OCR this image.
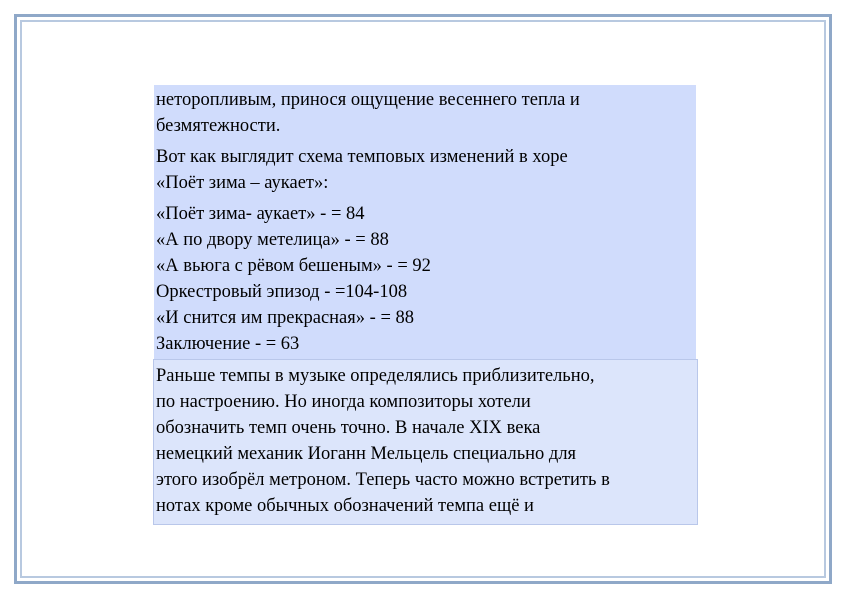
неторопливым, принося ощущение весеннего тепла и
безмятежности.

Вот как выглядит схема темповых изменений в хоре
«Поёт зима – аукает»:

«Поёт зима- аукает» - = 84
«А по двору метелица» - = 88
«А вьюга с рёвом бешеным» - = 92
Оркестровый эпизод - =104-108
«И снится им прекрасная» - = 88
Заключение - = 63

Раньше темпы в музыке определялись приблизительно,
по настроению. Но иногда композиторы хотели
обозначить темп очень точно. В начале XIX века
немецкий механик Иоганн Мельцель специально для
этого изобрёл метроном. Теперь часто можно встретить в
нотах кроме обычных обозначений темпа ещё и
